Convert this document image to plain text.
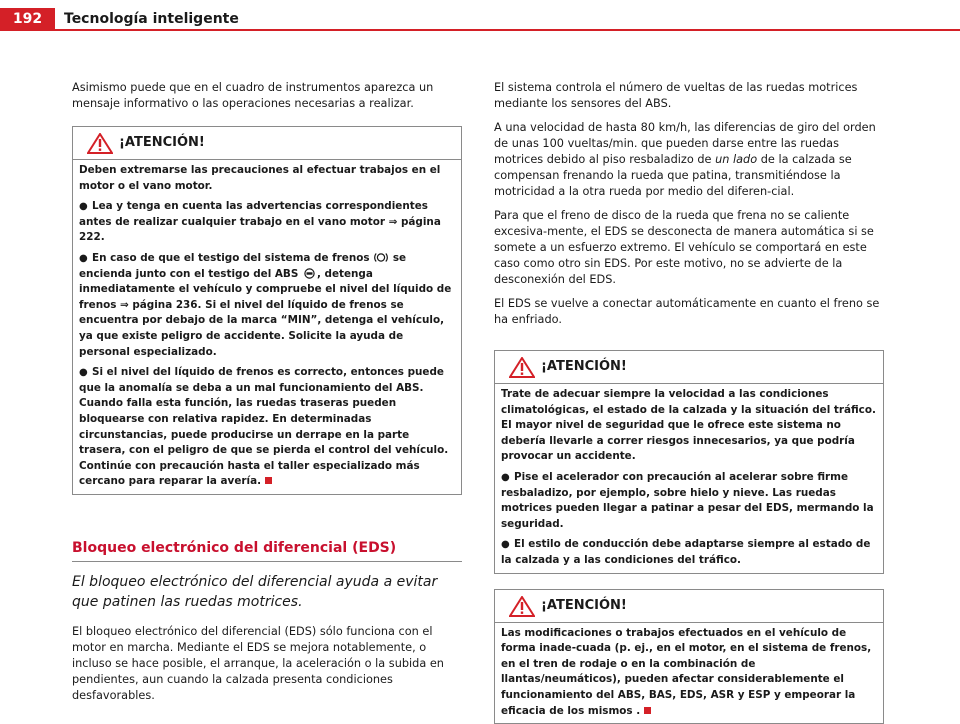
192	Tecnología inteligente

Asimismo puede que en el cuadro de instrumentos aparezca un mensaje informativo o las operaciones necesarias a realizar.

¡ATENCIÓN!
Deben extremarse las precauciones al efectuar trabajos en el motor o el vano motor.
● Lea y tenga en cuenta las advertencias correspondientes antes de realizar cualquier trabajo en el vano motor ⇒ página 222.
● En caso de que el testigo del sistema de frenos se encienda junto con el testigo del ABS , detenga inmediatamente el vehículo y compruebe el nivel del líquido de frenos ⇒ página 236. Si el nivel del líquido de frenos se encuentra por debajo de la marca “MIN”, detenga el vehículo, ya que existe peligro de accidente. Solicite la ayuda de personal especializado.
● Si el nivel del líquido de frenos es correcto, entonces puede que la anomalía se deba a un mal funcionamiento del ABS. Cuando falla esta función, las ruedas traseras pueden bloquearse con relativa rapidez. En determinadas circunstancias, puede producirse un derrape en la parte trasera, con el peligro de que se pierda el control del vehículo. Continúe con precaución hasta el taller especializado más cercano para reparar la avería.
Bloqueo electrónico del diferencial (EDS)
El bloqueo electrónico del diferencial ayuda a evitar que patinen las ruedas motrices.

El bloqueo electrónico del diferencial (EDS) sólo funciona con el motor en marcha. Mediante el EDS se mejora notablemente, o incluso se hace posible, el arranque, la aceleración o la subida en pendientes, aun cuando la calzada presenta condiciones desfavorables.

El sistema controla el número de vueltas de las ruedas motrices mediante los sensores del ABS.

A una velocidad de hasta 80 km/h, las diferencias de giro del orden de unas 100 vueltas/min. que pueden darse entre las ruedas motrices debido al piso resbaladizo de un lado de la calzada se compensan frenando la rueda que patina, transmitiéndose la motricidad a la otra rueda por medio del diferen-cial.

Para que el freno de disco de la rueda que frena no se caliente excesiva-mente, el EDS se desconecta de manera automática si se somete a un esfuerzo extremo. El vehículo se comportará en este caso como otro sin EDS. Por este motivo, no se advierte de la desconexión del EDS.

El EDS se vuelve a conectar automáticamente en cuanto el freno se ha enfriado.

¡ATENCIÓN!
Trate de adecuar siempre la velocidad a las condiciones climatológicas, el estado de la calzada y la situación del tráfico. El mayor nivel de seguridad que le ofrece este sistema no debería llevarle a correr riesgos innecesarios, ya que podría provocar un accidente.
● Pise el acelerador con precaución al acelerar sobre firme resbaladizo, por ejemplo, sobre hielo y nieve. Las ruedas motrices pueden llegar a patinar a pesar del EDS, mermando la seguridad.
● El estilo de conducción debe adaptarse siempre al estado de la calzada y a las condiciones del tráfico.
¡ATENCIÓN!
Las modificaciones o trabajos efectuados en el vehículo de forma inade-cuada (p. ej., en el motor, en el sistema de frenos, en el tren de rodaje o en la combinación de llantas/neumáticos), pueden afectar considerablemente el funcionamiento del ABS, BAS, EDS, ASR y ESP y empeorar la eficacia de los mismos .
